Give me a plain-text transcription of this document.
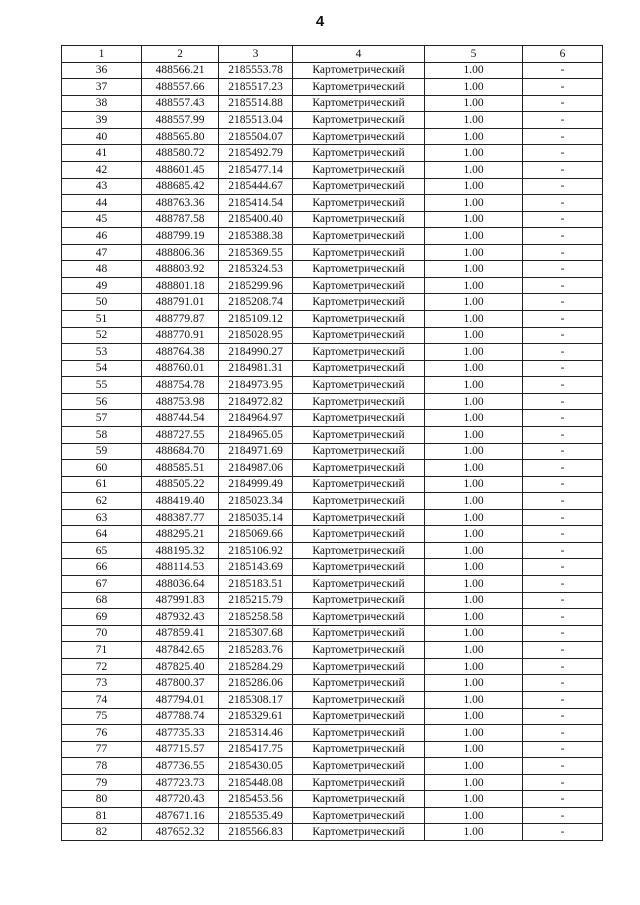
4
1	2	3	4	5	6
36	488566.21	2185553.78	Картометрический	1.00	-
37	488557.66	2185517.23	Картометрический	1.00	-
38	488557.43	2185514.88	Картометрический	1.00	-
39	488557.99	2185513.04	Картометрический	1.00	-
40	488565.80	2185504.07	Картометрический	1.00	-
41	488580.72	2185492.79	Картометрический	1.00	-
42	488601.45	2185477.14	Картометрический	1.00	-
43	488685.42	2185444.67	Картометрический	1.00	-
44	488763.36	2185414.54	Картометрический	1.00	-
45	488787.58	2185400.40	Картометрический	1.00	-
46	488799.19	2185388.38	Картометрический	1.00	-
47	488806.36	2185369.55	Картометрический	1.00	-
48	488803.92	2185324.53	Картометрический	1.00	-
49	488801.18	2185299.96	Картометрический	1.00	-
50	488791.01	2185208.74	Картометрический	1.00	-
51	488779.87	2185109.12	Картометрический	1.00	-
52	488770.91	2185028.95	Картометрический	1.00	-
53	488764.38	2184990.27	Картометрический	1.00	-
54	488760.01	2184981.31	Картометрический	1.00	-
55	488754.78	2184973.95	Картометрический	1.00	-
56	488753.98	2184972.82	Картометрический	1.00	-
57	488744.54	2184964.97	Картометрический	1.00	-
58	488727.55	2184965.05	Картометрический	1.00	-
59	488684.70	2184971.69	Картометрический	1.00	-
60	488585.51	2184987.06	Картометрический	1.00	-
61	488505.22	2184999.49	Картометрический	1.00	-
62	488419.40	2185023.34	Картометрический	1.00	-
63	488387.77	2185035.14	Картометрический	1.00	-
64	488295.21	2185069.66	Картометрический	1.00	-
65	488195.32	2185106.92	Картометрический	1.00	-
66	488114.53	2185143.69	Картометрический	1.00	-
67	488036.64	2185183.51	Картометрический	1.00	-
68	487991.83	2185215.79	Картометрический	1.00	-
69	487932.43	2185258.58	Картометрический	1.00	-
70	487859.41	2185307.68	Картометрический	1.00	-
71	487842.65	2185283.76	Картометрический	1.00	-
72	487825.40	2185284.29	Картометрический	1.00	-
73	487800.37	2185286.06	Картометрический	1.00	-
74	487794.01	2185308.17	Картометрический	1.00	-
75	487788.74	2185329.61	Картометрический	1.00	-
76	487735.33	2185314.46	Картометрический	1.00	-
77	487715.57	2185417.75	Картометрический	1.00	-
78	487736.55	2185430.05	Картометрический	1.00	-
79	487723.73	2185448.08	Картометрический	1.00	-
80	487720.43	2185453.56	Картометрический	1.00	-
81	487671.16	2185535.49	Картометрический	1.00	-
82	487652.32	2185566.83	Картометрический	1.00	-
